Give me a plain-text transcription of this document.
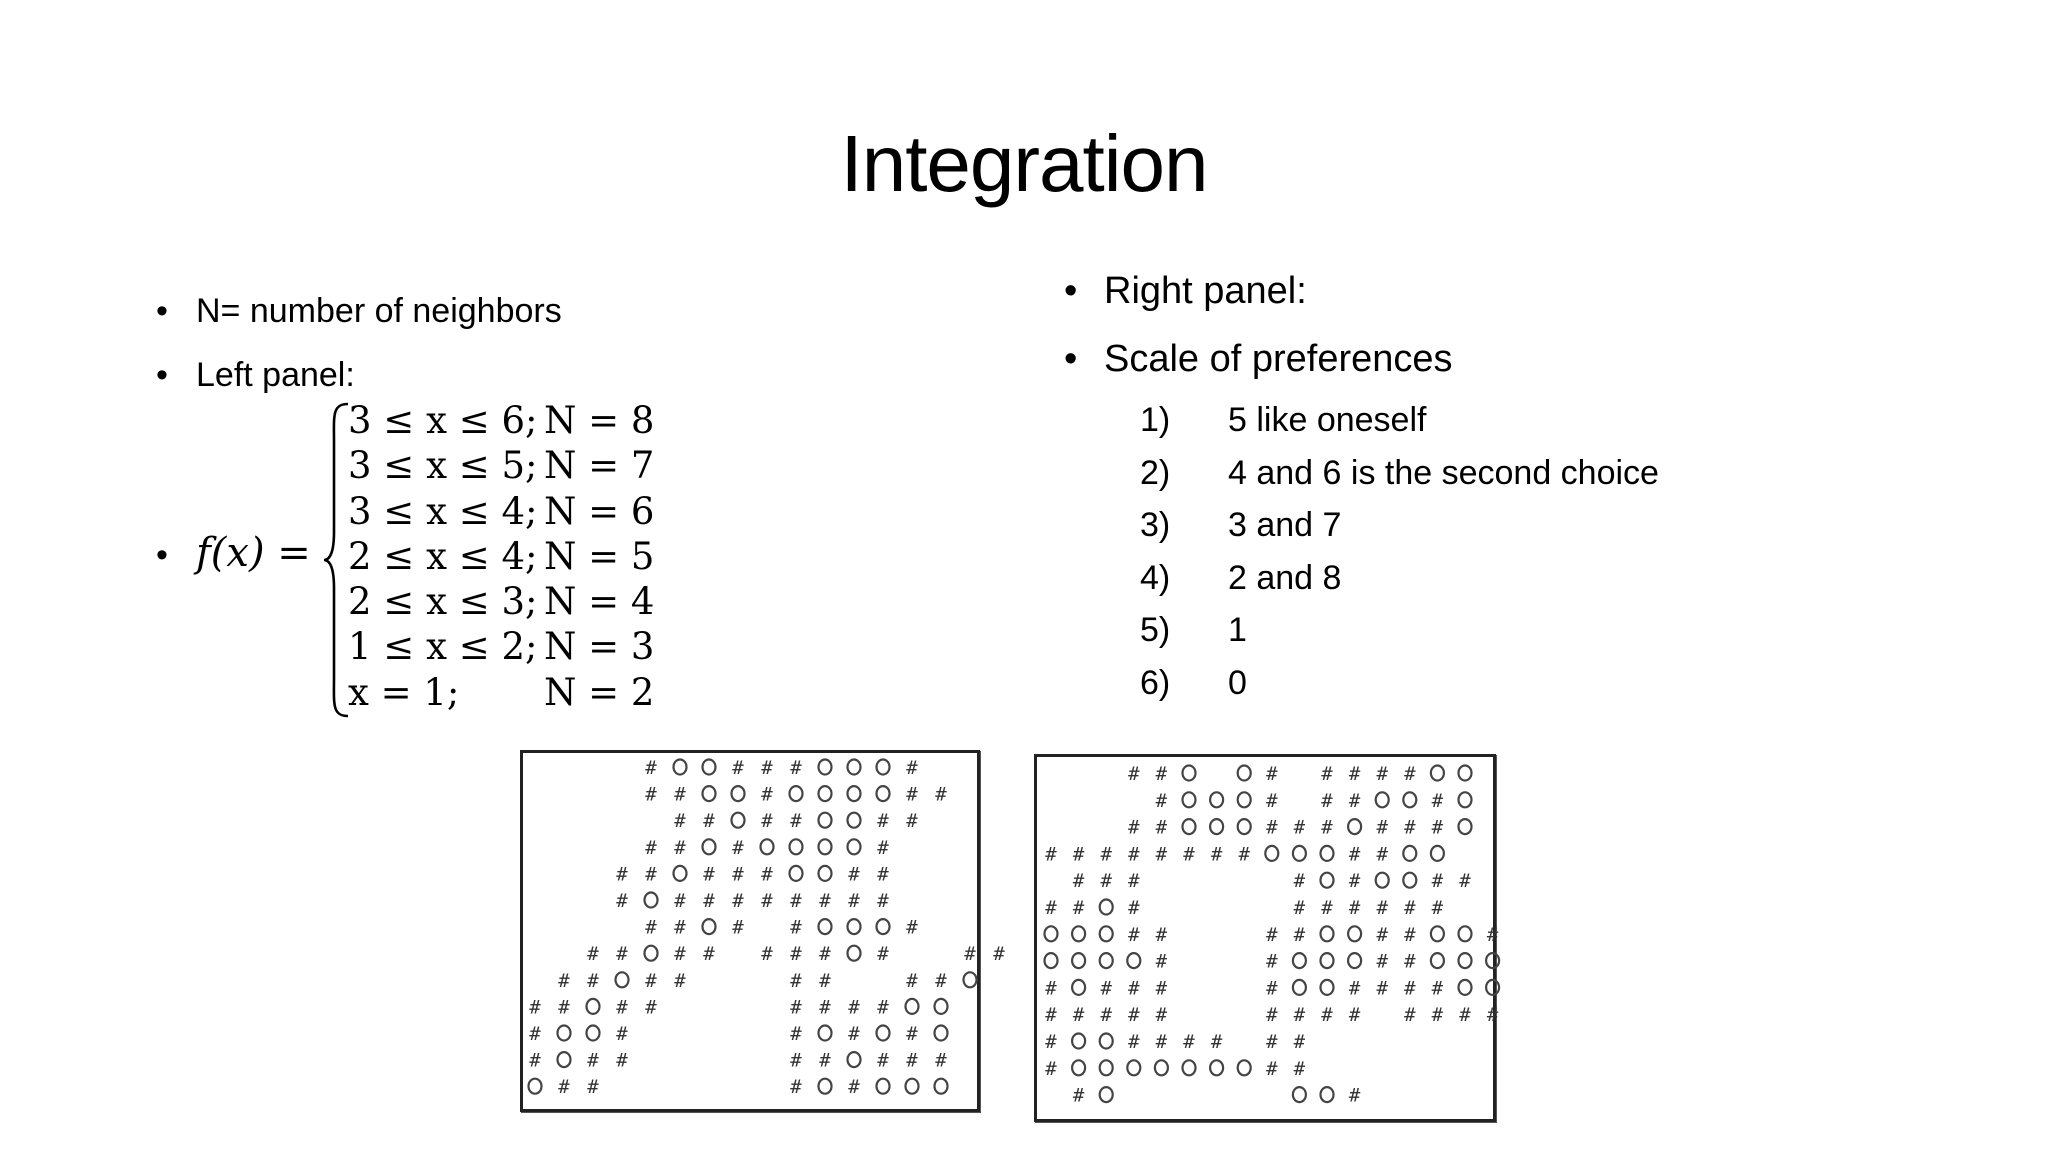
Integration
• N= number of neighbors
• Left panel:
• f(x) =
3 ≤ x ≤ 6; N = 8
3 ≤ x ≤ 5; N = 7
3 ≤ x ≤ 4; N = 6
2 ≤ x ≤ 4; N = 5
2 ≤ x ≤ 3; N = 4
1 ≤ x ≤ 2; N = 3
x = 1; N = 2
• Right panel:
• Scale of preferences
1) 5 like oneself
2) 4 and 6 is the second choice
3) 3 and 7
4) 2 and 8
5) 1
6) 0
#	# # #	#
# #	#	# #
# # # #	# #
# # #	#
# # # # #	# #
# # # # # # # # #
# # # #	#
# # # # # # # #	# #
# # # #	# #	# #
# # # #	# # # #
#	#	# # #
# # #	# # # # #
# #	# #
# #	# # # # #
#	# # #	#
# #	# # # # # #
# # # # # # # #	# #
# # #	# #	# #
# # #	# # # # # #
# #	# #	# #	#
#	#	# #
# # # #	#	# # # #
# # # # #	# # # # # # # #
#	# # # # # #
#	# #
#	#
